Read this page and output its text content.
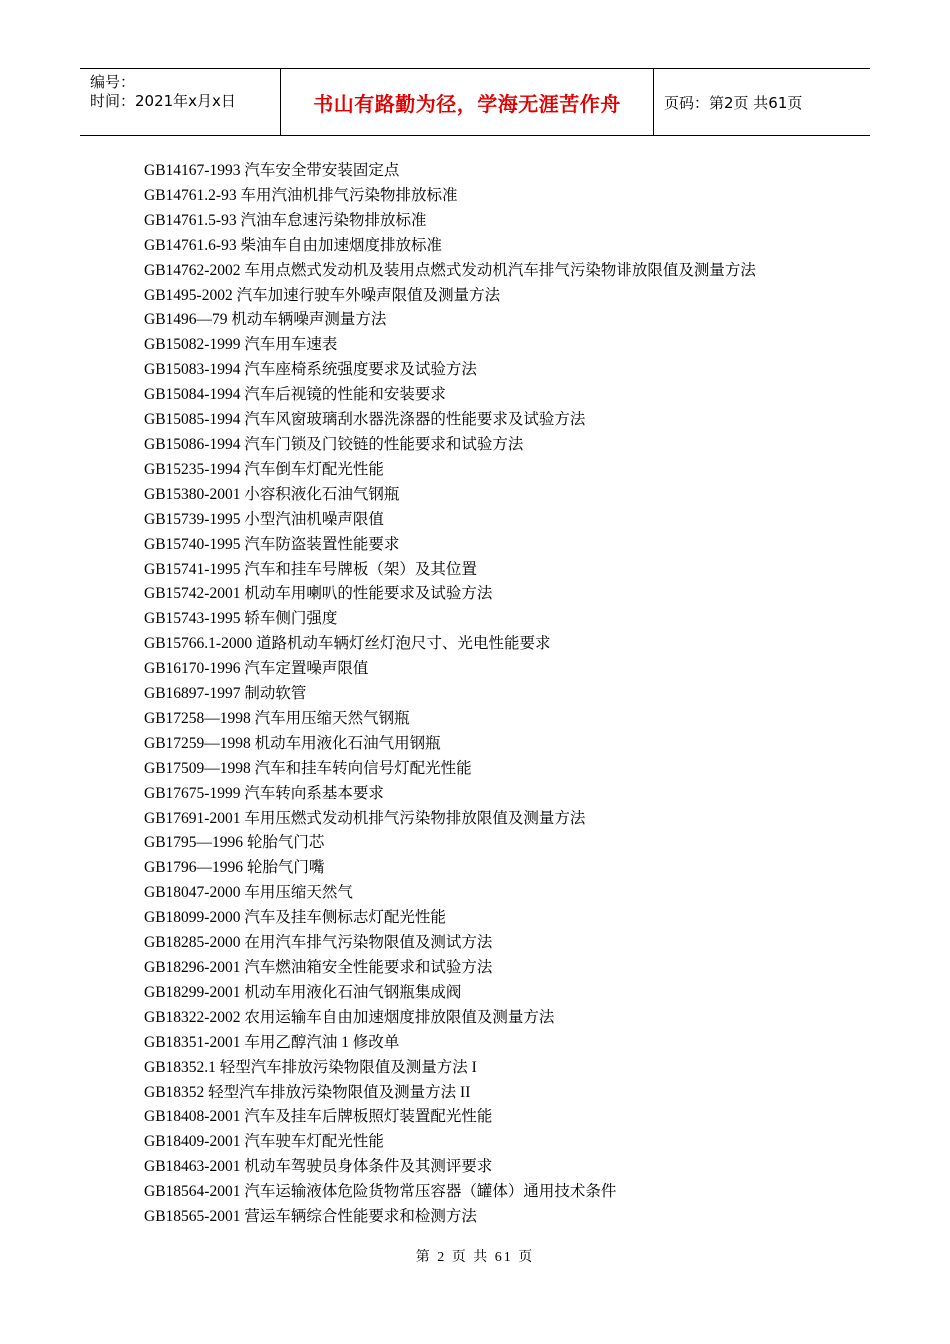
编号：
时间：2021年x月x日	书山有路勤为径，学海无涯苦作舟	页码：第2页 共61页
GB14167-1993 汽车安全带安装固定点
GB14761.2-93 车用汽油机排气污染物排放标准
GB14761.5-93 汽油车怠速污染物排放标准
GB14761.6-93 柴油车自由加速烟度排放标准
GB14762-2002 车用点燃式发动机及装用点燃式发动机汽车排气污染物诽放限值及测量方法
GB1495-2002 汽车加速行驶车外噪声限值及测量方法
GB1496—79 机动车辆噪声测量方法
GB15082-1999 汽车用车速表
GB15083-1994 汽车座椅系统强度要求及试验方法
GB15084-1994 汽车后视镜的性能和安装要求
GB15085-1994 汽车风窗玻璃刮水器洗涤器的性能要求及试验方法
GB15086-1994 汽车门锁及门铰链的性能要求和试验方法
GB15235-1994 汽车倒车灯配光性能
GB15380-2001 小容积液化石油气钢瓶
GB15739-1995 小型汽油机噪声限值
GB15740-1995 汽车防盗装置性能要求
GB15741-1995 汽车和挂车号牌板（架）及其位置
GB15742-2001 机动车用喇叭的性能要求及试验方法
GB15743-1995 轿车侧门强度
GB15766.1-2000 道路机动车辆灯丝灯泡尺寸、光电性能要求
GB16170-1996 汽车定置噪声限值
GB16897-1997 制动软管
GB17258—1998 汽车用压缩天然气钢瓶
GB17259—1998 机动车用液化石油气用钢瓶
GB17509—1998 汽车和挂车转向信号灯配光性能
GB17675-1999 汽车转向系基本要求
GB17691-2001 车用压燃式发动机排气污染物排放限值及测量方法
GB1795—1996 轮胎气门芯
GB1796—1996 轮胎气门嘴
GB18047-2000 车用压缩天然气
GB18099-2000 汽车及挂车侧标志灯配光性能
GB18285-2000 在用汽车排气污染物限值及测试方法
GB18296-2001 汽车燃油箱安全性能要求和试验方法
GB18299-2001 机动车用液化石油气钢瓶集成阀
GB18322-2002 农用运输车自由加速烟度排放限值及测量方法
GB18351-2001 车用乙醇汽油 1 修改单
GB18352.1 轻型汽车排放污染物限值及测量方法 I
GB18352 轻型汽车排放污染物限值及测量方法 II
GB18408-2001 汽车及挂车后牌板照灯装置配光性能
GB18409-2001 汽车驶车灯配光性能
GB18463-2001 机动车驾驶员身体条件及其测评要求
GB18564-2001 汽车运输液体危险货物常压容器（罐体）通用技术条件
GB18565-2001 营运车辆综合性能要求和检测方法
第 2 页 共 61 页
